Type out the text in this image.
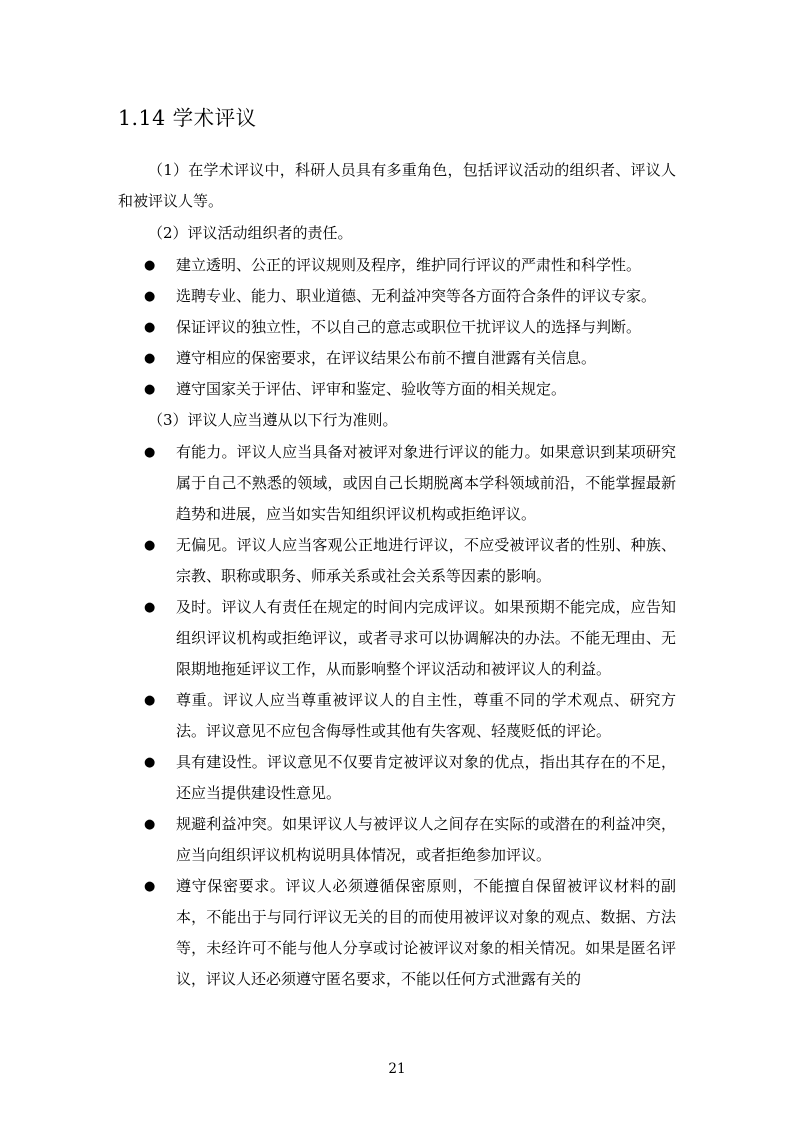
1.14 学术评议

（1）在学术评议中，科研人员具有多重角色，包括评议活动的组织者、评议人和被评议人等。

（2）评议活动组织者的责任。

● 建立透明、公正的评议规则及程序，维护同行评议的严肃性和科学性。
● 选聘专业、能力、职业道德、无利益冲突等各方面符合条件的评议专家。
● 保证评议的独立性，不以自己的意志或职位干扰评议人的选择与判断。
● 遵守相应的保密要求，在评议结果公布前不擅自泄露有关信息。
● 遵守国家关于评估、评审和鉴定、验收等方面的相关规定。

（3）评议人应当遵从以下行为准则。

● 有能力。评议人应当具备对被评对象进行评议的能力。如果意识到某项研究属于自己不熟悉的领域，或因自己长期脱离本学科领域前沿，不能掌握最新趋势和进展，应当如实告知组织评议机构或拒绝评议。
● 无偏见。评议人应当客观公正地进行评议，不应受被评议者的性别、种族、宗教、职称或职务、师承关系或社会关系等因素的影响。
● 及时。评议人有责任在规定的时间内完成评议。如果预期不能完成，应告知组织评议机构或拒绝评议，或者寻求可以协调解决的办法。不能无理由、无限期地拖延评议工作，从而影响整个评议活动和被评议人的利益。
● 尊重。评议人应当尊重被评议人的自主性，尊重不同的学术观点、研究方法。评议意见不应包含侮辱性或其他有失客观、轻蔑贬低的评论。
● 具有建设性。评议意见不仅要肯定被评议对象的优点，指出其存在的不足，还应当提供建设性意见。
● 规避利益冲突。如果评议人与被评议人之间存在实际的或潜在的利益冲突，应当向组织评议机构说明具体情况，或者拒绝参加评议。
● 遵守保密要求。评议人必须遵循保密原则，不能擅自保留被评议材料的副本，不能出于与同行评议无关的目的而使用被评议对象的观点、数据、方法等，未经许可不能与他人分享或讨论被评议对象的相关情况。如果是匿名评议，评议人还必须遵守匿名要求，不能以任何方式泄露有关的
21
